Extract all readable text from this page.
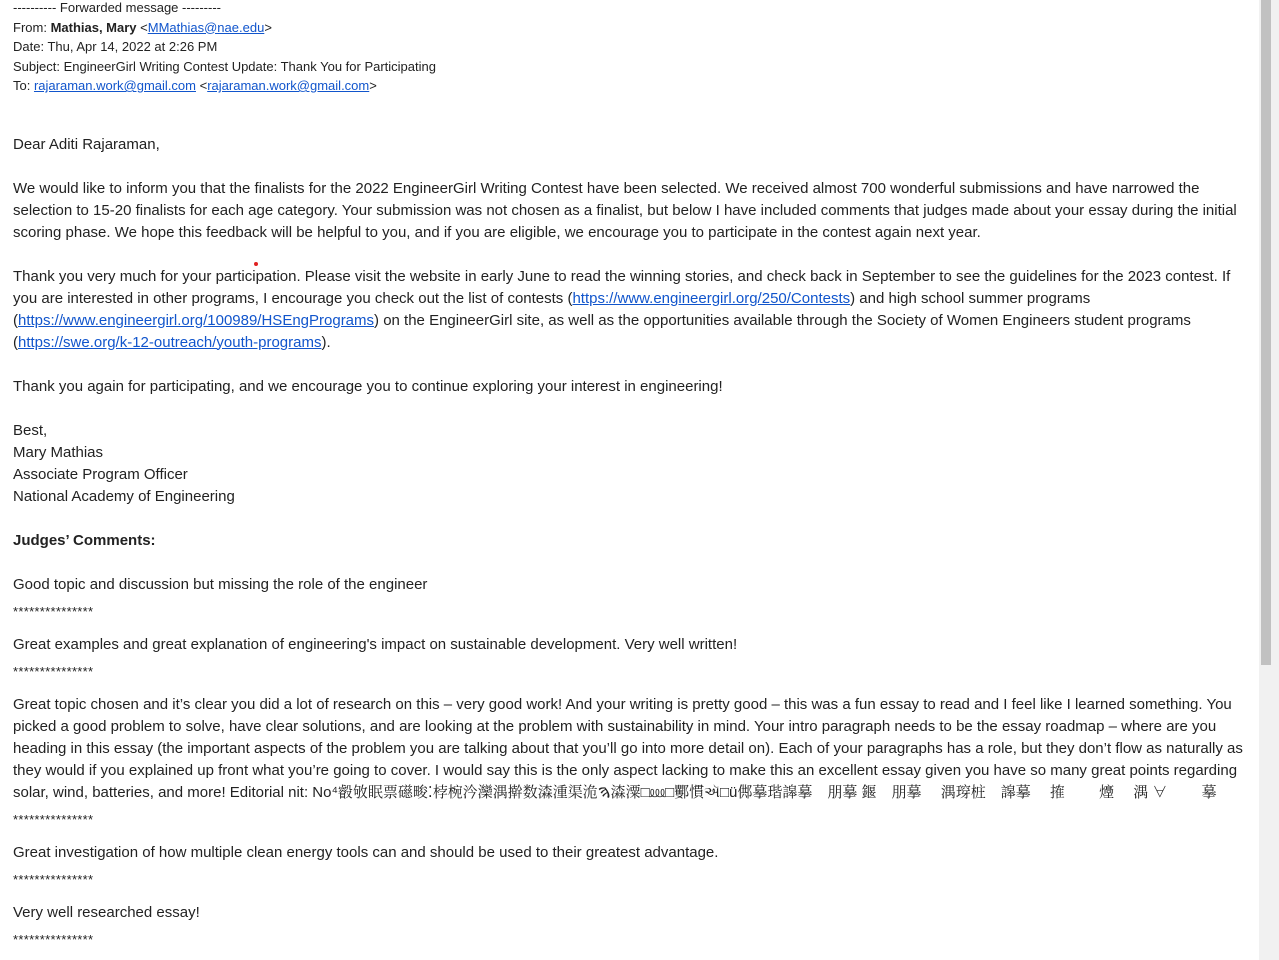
---------- Forwarded message ---------
From: Mathias, Mary <MMathias@nae.edu>
Date: Thu, Apr 14, 2022 at 2:26 PM
Subject: EngineerGirl Writing Contest Update: Thank You for Participating
To: rajaraman.work@gmail.com <rajaraman.work@gmail.com>

Dear Aditi Rajaraman,

We would like to inform you that the finalists for the 2022 EngineerGirl Writing Contest have been selected. We received almost 700 wonderful submissions and have narrowed the selection to 15-20 finalists for each age category. Your submission was not chosen as a finalist, but below I have included comments that judges made about your essay during the initial scoring phase. We hope this feedback will be helpful to you, and if you are eligible, we encourage you to participate in the contest again next year.

Thank you very much for your participation. Please visit the website in early June to read the winning stories, and check back in September to see the guidelines for the 2023 contest. If you are interested in other programs, I encourage you check out the list of contests (https://www.engineergirl.org/250/Contests) and high school summer programs (https://www.engineergirl.org/100989/HSEngPrograms) on the EngineerGirl site, as well as the opportunities available through the Society of Women Engineers student programs (https://swe.org/k-12-outreach/youth-programs).

Thank you again for participating, and we encourage you to continue exploring your interest in engineering!

Best,

Mary Mathias

Associate Program Officer

National Academy of Engineering

Judges’ Comments:

Good topic and discussion but missing the role of the engineer

***************

Great examples and great explanation of engineering's impact on sustainable development. Very well written!

***************

Great topic chosen and it’s clear you did a lot of research on this – very good work! And your writing is pretty good – this was a fun essay to read and I feel like I learned something. You picked a good problem to solve, have clear solutions, and are looking at the problem with sustainability in mind. Your intro paragraph needs to be the essay roadmap – where are you heading in this essay (the important aspects of the problem you are talking about that you’ll go into more detail on). Each of your paragraphs has a role, but they don’t flow as naturally as they would if you explained up front what you’re going to cover. I would say this is the only aspect lacking to make this an excellent essay given you have so many great points regarding solar, wind, batteries, and more! Editorial nit: No⁴㲊敂眠票礠畯⁚桲椀汵灤湡擀数潹湩渠洈ࠄ潹潥□⅏□䣤慣ઍ□ü䣏摹瑎䜂摹　朋摹 䤷　朋摹 　湡瑏桩　䜂摹　 搉　　 㸀　 湡 ∀　　 摹　

***************

Great investigation of how multiple clean energy tools can and should be used to their greatest advantage.

***************

Very well researched essay!

***************
